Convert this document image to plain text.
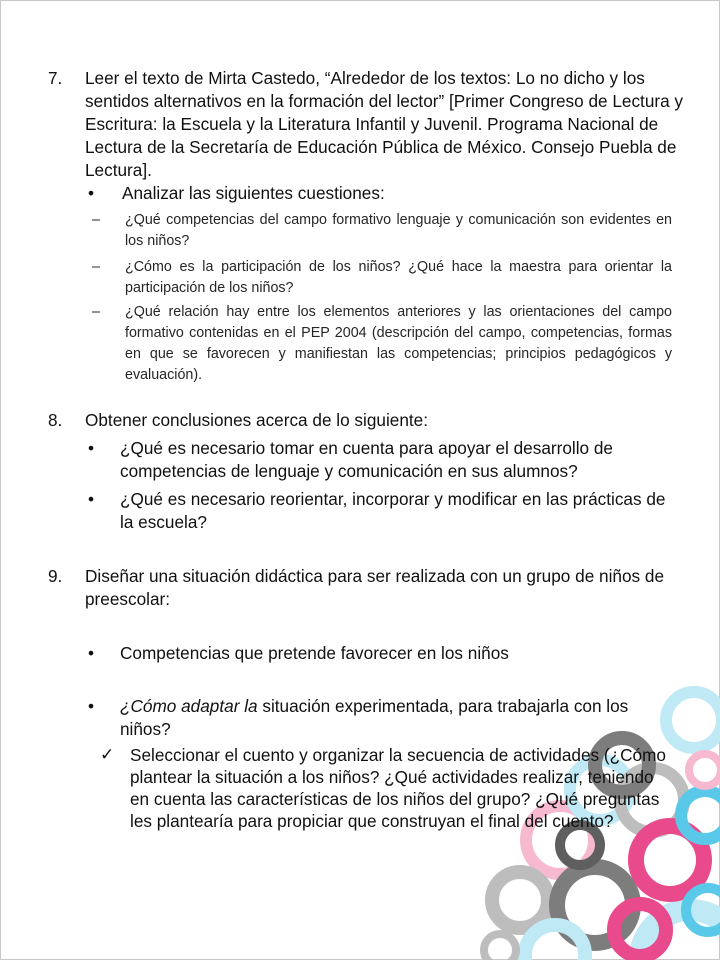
7.	Leer el texto de Mirta Castedo, “Alrededor de los textos: Lo no dicho y los sentidos alternativos en la formación del lector” [Primer Congreso de Lectura y Escritura: la Escuela y la Literatura Infantil y Juvenil. Programa Nacional de Lectura de la Secretaría de Educación Pública de México. Consejo Puebla de Lectura].
•	Analizar las siguientes cuestiones:
– ¿Qué competencias del campo formativo lenguaje y comunicación son evidentes en los niños?
– ¿Cómo es la participación de los niños? ¿Qué hace la maestra para orientar la participación de los niños?
– ¿Qué relación hay entre los elementos anteriores y las orientaciones del campo formativo contenidas en el PEP 2004 (descripción del campo, competencias, formas en que se favorecen y manifiestan las competencias; principios pedagógicos y evaluación).
8.	Obtener conclusiones acerca de lo siguiente:
•	¿Qué es necesario tomar en cuenta para apoyar el desarrollo de competencias de lenguaje y comunicación en sus alumnos?
•	¿Qué es necesario reorientar, incorporar y modificar en las prácticas de la escuela?
9.	Diseñar una situación didáctica para ser realizada con un grupo de niños de preescolar:
•	Competencias que pretende favorecer en los niños
•	¿Cómo adaptar la situación experimentada, para trabajarla con los niños?
✓ Seleccionar el cuento y organizar la secuencia de actividades (¿Cómo plantear la situación a los niños? ¿Qué actividades realizar, teniendo en cuenta las características de los niños del grupo? ¿Qué preguntas les plantearía para propiciar que construyan el final del cuento?
